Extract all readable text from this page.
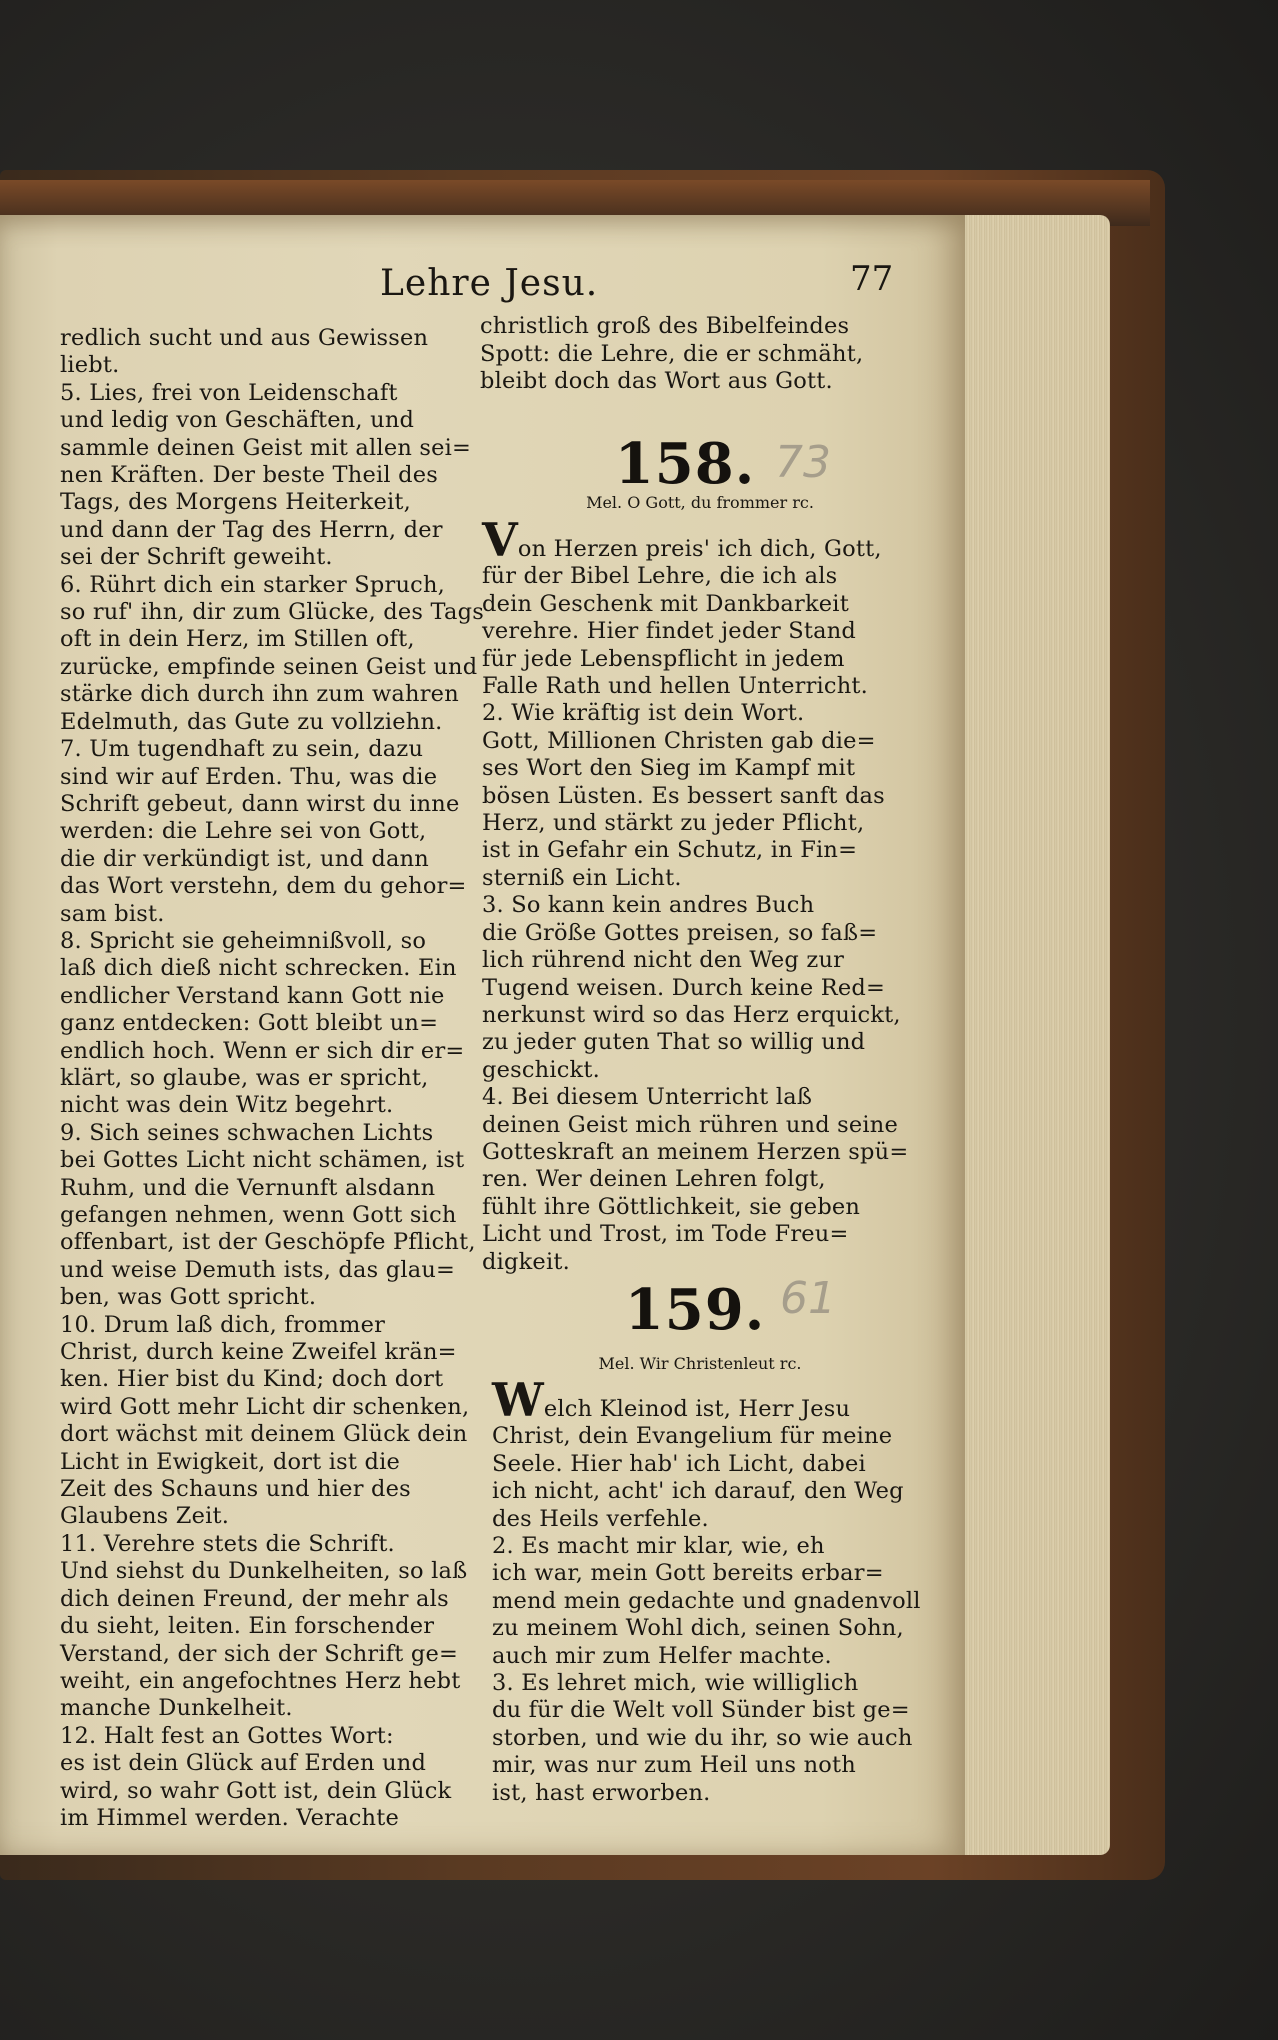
Lehre Jesu.	77
redlich sucht und aus Gewissen
liebt.
5. Lies, frei von Leidenschaft
und ledig von Geschäften, und
sammle deinen Geist mit allen sei=
nen Kräften. Der beste Theil des
Tags, des Morgens Heiterkeit,
und dann der Tag des Herrn, der
sei der Schrift geweiht.
6. Rührt dich ein starker Spruch,
so ruf' ihn, dir zum Glücke, des Tags
oft in dein Herz, im Stillen oft,
zurücke, empfinde seinen Geist und
stärke dich durch ihn zum wahren
Edelmuth, das Gute zu vollziehn.
7. Um tugendhaft zu sein, dazu
sind wir auf Erden. Thu, was die
Schrift gebeut, dann wirst du inne
werden: die Lehre sei von Gott,
die dir verkündigt ist, und dann
das Wort verstehn, dem du gehor=
sam bist.
8. Spricht sie geheimnißvoll, so
laß dich dieß nicht schrecken. Ein
endlicher Verstand kann Gott nie
ganz entdecken: Gott bleibt un=
endlich hoch. Wenn er sich dir er=
klärt, so glaube, was er spricht,
nicht was dein Witz begehrt.
9. Sich seines schwachen Lichts
bei Gottes Licht nicht schämen, ist
Ruhm, und die Vernunft alsdann
gefangen nehmen, wenn Gott sich
offenbart, ist der Geschöpfe Pflicht,
und weise Demuth ists, das glau=
ben, was Gott spricht.
10. Drum laß dich, frommer
Christ, durch keine Zweifel krän=
ken. Hier bist du Kind; doch dort
wird Gott mehr Licht dir schenken,
dort wächst mit deinem Glück dein
Licht in Ewigkeit, dort ist die
Zeit des Schauns und hier des
Glaubens Zeit.
11. Verehre stets die Schrift.
Und siehst du Dunkelheiten, so laß
dich deinen Freund, der mehr als
du sieht, leiten. Ein forschender
Verstand, der sich der Schrift ge=
weiht, ein angefochtnes Herz hebt
manche Dunkelheit.
12. Halt fest an Gottes Wort:
es ist dein Glück auf Erden und
wird, so wahr Gott ist, dein Glück
im Himmel werden. Verachte
christlich groß des Bibelfeindes
Spott: die Lehre, die er schmäht,
bleibt doch das Wort aus Gott.
158. 73
Mel. O Gott, du frommer rc.
Von Herzen preis' ich dich, Gott,
für der Bibel Lehre, die ich als
dein Geschenk mit Dankbarkeit
verehre. Hier findet jeder Stand
für jede Lebenspflicht in jedem
Falle Rath und hellen Unterricht.
2. Wie kräftig ist dein Wort.
Gott, Millionen Christen gab die=
ses Wort den Sieg im Kampf mit
bösen Lüsten. Es bessert sanft das
Herz, und stärkt zu jeder Pflicht,
ist in Gefahr ein Schutz, in Fin=
sterniß ein Licht.
3. So kann kein andres Buch
die Größe Gottes preisen, so faß=
lich rührend nicht den Weg zur
Tugend weisen. Durch keine Red=
nerkunst wird so das Herz erquickt,
zu jeder guten That so willig und
geschickt.
4. Bei diesem Unterricht laß
deinen Geist mich rühren und seine
Gotteskraft an meinem Herzen spü=
ren. Wer deinen Lehren folgt,
fühlt ihre Göttlichkeit, sie geben
Licht und Trost, im Tode Freu=
digkeit.
159. 61
Mel. Wir Christenleut rc.
Welch Kleinod ist, Herr Jesu
Christ, dein Evangelium für meine
Seele. Hier hab' ich Licht, dabei
ich nicht, acht' ich darauf, den Weg
des Heils verfehle.
2. Es macht mir klar, wie, eh
ich war, mein Gott bereits erbar=
mend mein gedachte und gnadenvoll
zu meinem Wohl dich, seinen Sohn,
auch mir zum Helfer machte.
3. Es lehret mich, wie williglich
du für die Welt voll Sünder bist ge=
storben, und wie du ihr, so wie auch
mir, was nur zum Heil uns noth
ist, hast erworben.
